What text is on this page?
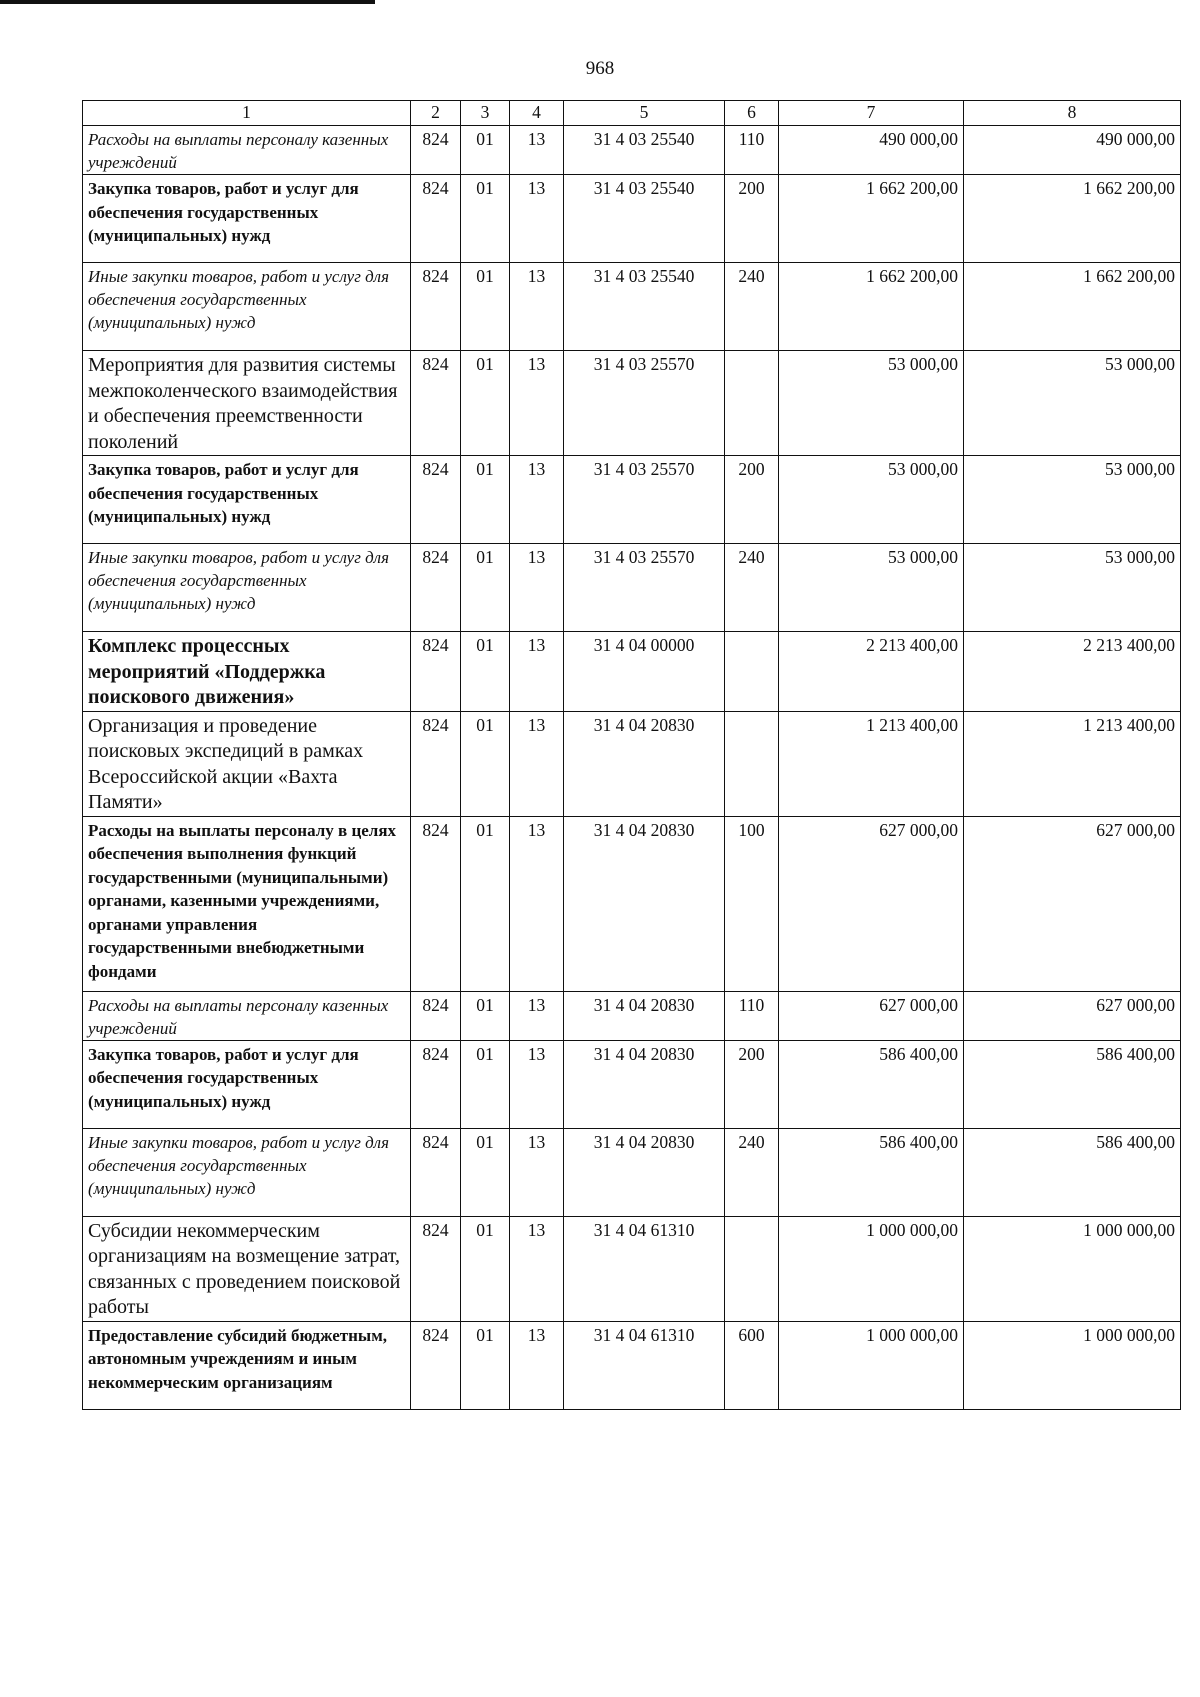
968
1	2	3	4	5	6	7	8
Расходы на выплаты персоналу казенных учреждений	824	01	13	31 4 03 25540	110	490 000,00	490 000,00
Закупка товаров, работ и услуг для обеспечения государственных (муниципальных) нужд	824	01	13	31 4 03 25540	200	1 662 200,00	1 662 200,00
Иные закупки товаров, работ и услуг для обеспечения государственных (муниципальных) нужд	824	01	13	31 4 03 25540	240	1 662 200,00	1 662 200,00
Мероприятия для развития системы межпоколенческого взаимодействия и обеспечения преемственности поколений	824	01	13	31 4 03 25570		53 000,00	53 000,00
Закупка товаров, работ и услуг для обеспечения государственных (муниципальных) нужд	824	01	13	31 4 03 25570	200	53 000,00	53 000,00
Иные закупки товаров, работ и услуг для обеспечения государственных (муниципальных) нужд	824	01	13	31 4 03 25570	240	53 000,00	53 000,00
Комплекс процессных мероприятий «Поддержка поискового движения»	824	01	13	31 4 04 00000		2 213 400,00	2 213 400,00
Организация и проведение поисковых экспедиций в рамках Всероссийской акции «Вахта Памяти»	824	01	13	31 4 04 20830		1 213 400,00	1 213 400,00
Расходы на выплаты персоналу в целях обеспечения выполнения функций государственными (муниципальными) органами, казенными учреждениями, органами управления государственными внебюджетными фондами	824	01	13	31 4 04 20830	100	627 000,00	627 000,00
Расходы на выплаты персоналу казенных учреждений	824	01	13	31 4 04 20830	110	627 000,00	627 000,00
Закупка товаров, работ и услуг для обеспечения государственных (муниципальных) нужд	824	01	13	31 4 04 20830	200	586 400,00	586 400,00
Иные закупки товаров, работ и услуг для обеспечения государственных (муниципальных) нужд	824	01	13	31 4 04 20830	240	586 400,00	586 400,00
Субсидии некоммерческим организациям на возмещение затрат, связанных с проведением поисковой работы	824	01	13	31 4 04 61310		1 000 000,00	1 000 000,00
Предоставление субсидий бюджетным, автономным учреждениям и иным некоммерческим организациям	824	01	13	31 4 04 61310	600	1 000 000,00	1 000 000,00
